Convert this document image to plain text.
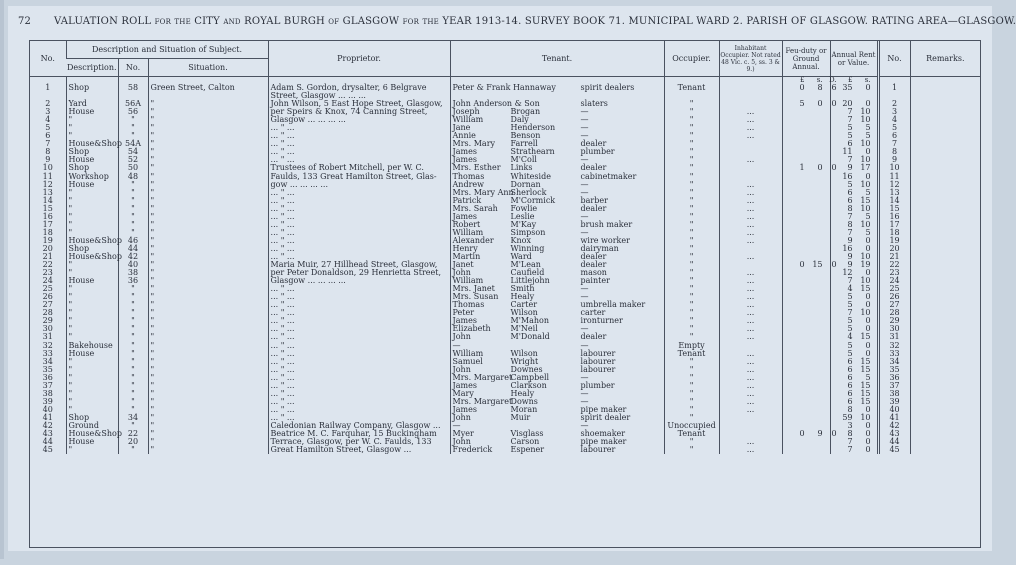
72 VALUATION ROLL for the CITY and ROYAL BURGH of GLASGOW for the YEAR 1913-14. SURVEY BOOK 71. MUNICIPAL WARD 2. PARISH OF GLASGOW. RATING AREA—GLASGOW.
No.	Description and Situation of Subject.			Proprietor.	Tenant.	Occupier.	Inhabitant Occupier. Not rated 48 Vic. c. 5, ss. 3 & 9.)	Feu-duty or Ground Annual.	Annual Rent or Value.	No.	Remarks.
	Description.	No.	Situation.								
								£ s. D.	£ s.		
1	Shop	58	Green Street, Calton	Adam S. Gordon, drysalter, 6 Belgrave	Peter & Frank Hannaway spirit dealers	Tenant		0 8 6	35 0	1	
				Street, Glasgow ... ... ...							
2	Yard	56A	"	John Wilson, 5 East Hope Street, Glasgow,	John Anderson & Son slaters	"		5 0 0	20 0	2	
3	House	56	"	per Speirs & Knox, 74 Canning Street,	Joseph Brogan —	"	...		7 10	3	
4	"	"	"	Glasgow ... ... ... ...	William Daly —	"	...		7 10	4	
5	"	"	"	... " ...	Jane Henderson —	"	...		5 5	5	
6	"	"	"	... " ...	Annie Benson —	"	...		5 5	6	
7	House&Shop	54A	"	... " ...	Mrs. Mary Farrell dealer	"			6 10	7	
8	Shop	54	"	... " ...	James Strathearn plumber	"			11 0	8	
9	House	52	"	... " ...	James M'Coll —	"	...		7 10	9	
10	Shop	50	"	Trustees of Robert Mitchell, per W. C.	Mrs. Esther Links dealer	"		1 0 0	9 17	10	
11	Workshop	48	"	Faulds, 133 Great Hamilton Street, Glas-	Thomas Whiteside cabinetmaker	"			16 0	11	
12	House	"	"	gow ... ... ... ...	Andrew Dornan —	"	...		5 10	12	
13	"	"	"	... " ...	Mrs. Mary AnnSherlock —	"	...		6 5	13	
14	"	"	"	... " ...	Patrick M'Cormick barber	"	...		6 15	14	
15	"	"	"	... " ...	Mrs. Sarah Fowlie dealer	"	...		8 10	15	
16	"	"	"	... " ...	James Leslie —	"	...		7 5	16	
17	"	"	"	... " ...	Robert M'Kay brush maker	"	...		8 10	17	
18	"	"	"	... " ...	William Simpson —	"	...		7 5	18	
19	House&Shop	46	"	... " ...	Alexander Knox wire worker	"	...		9 0	19	
20	Shop	44	"	... " ...	Henry Winning dairyman	"			16 0	20	
21	House&Shop	42	"	... " ...	Martin Ward dealer	"	...		9 10	21	
22	"	40	"	Maria Muir, 27 Hillhead Street, Glasgow,	Janet M'Lean dealer	"		0 15 0	9 19	22	
23	"	38	"	per Peter Donaldson, 29 Henrietta Street,	John Caufield mason	"	...		12 0	23	
24	House	36	"	Glasgow ... ... ... ...	William Littlejohn painter	"	...		7 10	24	
25	"	"	"	... " ...	Mrs. Janet Smith —	"	...		4 15	25	
26	"	"	"	... " ...	Mrs. Susan Healy —	"	...		5 0	26	
27	"	"	"	... " ...	Thomas Carter umbrella maker	"	...		5 0	27	
28	"	"	"	... " ...	Peter Wilson carter	"	...		7 10	28	
29	"	"	"	... " ...	James M'Mahon ironturner	"	...		5 0	29	
30	"	"	"	... " ...	Elizabeth M'Neil —	"	...		5 0	30	
31	"	"	"	... " ...	John M'Donald dealer	"	...		4 15	31	
32	Bakehouse	"	"	... " ...	— —	Empty			5 0	32	
33	House	"	"	... " ...	William Wilson labourer	Tenant	...		5 0	33	
34	"	"	"	... " ...	Samuel Wright labourer	"	...		6 15	34	
35	"	"	"	... " ...	John Downes labourer	"	...		6 15	35	
36	"	"	"	... " ...	Mrs. MargaretCampbell —	"	...		6 5	36	
37	"	"	"	... " ...	James Clarkson plumber	"	...		6 15	37	
38	"	"	"	... " ...	Mary Healy —	"	...		6 15	38	
39	"	"	"	... " ...	Mrs. MargaretDowns —	"	...		6 15	39	
40	"	"	"	... " ...	James Moran pipe maker	"	...		8 0	40	
41	Shop	34	"	... " ...	John Muir spirit dealer	"			59 10	41	
42	Ground	"	"	Caledonian Railway Company, Glasgow ...	— —	Unoccupied			3 0	42	
43	House&Shop	22	"	Beatrice M. C. Farquhar, 15 Buckingham	Myer Visglass shoemaker	Tenant		0 9 0	8 0	43	
44	House	20	"	Terrace, Glasgow, per W. C. Faulds, 133	John Carson pipe maker	"	...		7 0	44	
45	"	"	"	Great Hamilton Street, Glasgow ...	Frederick Espener labourer	"	...		7 0	45	
